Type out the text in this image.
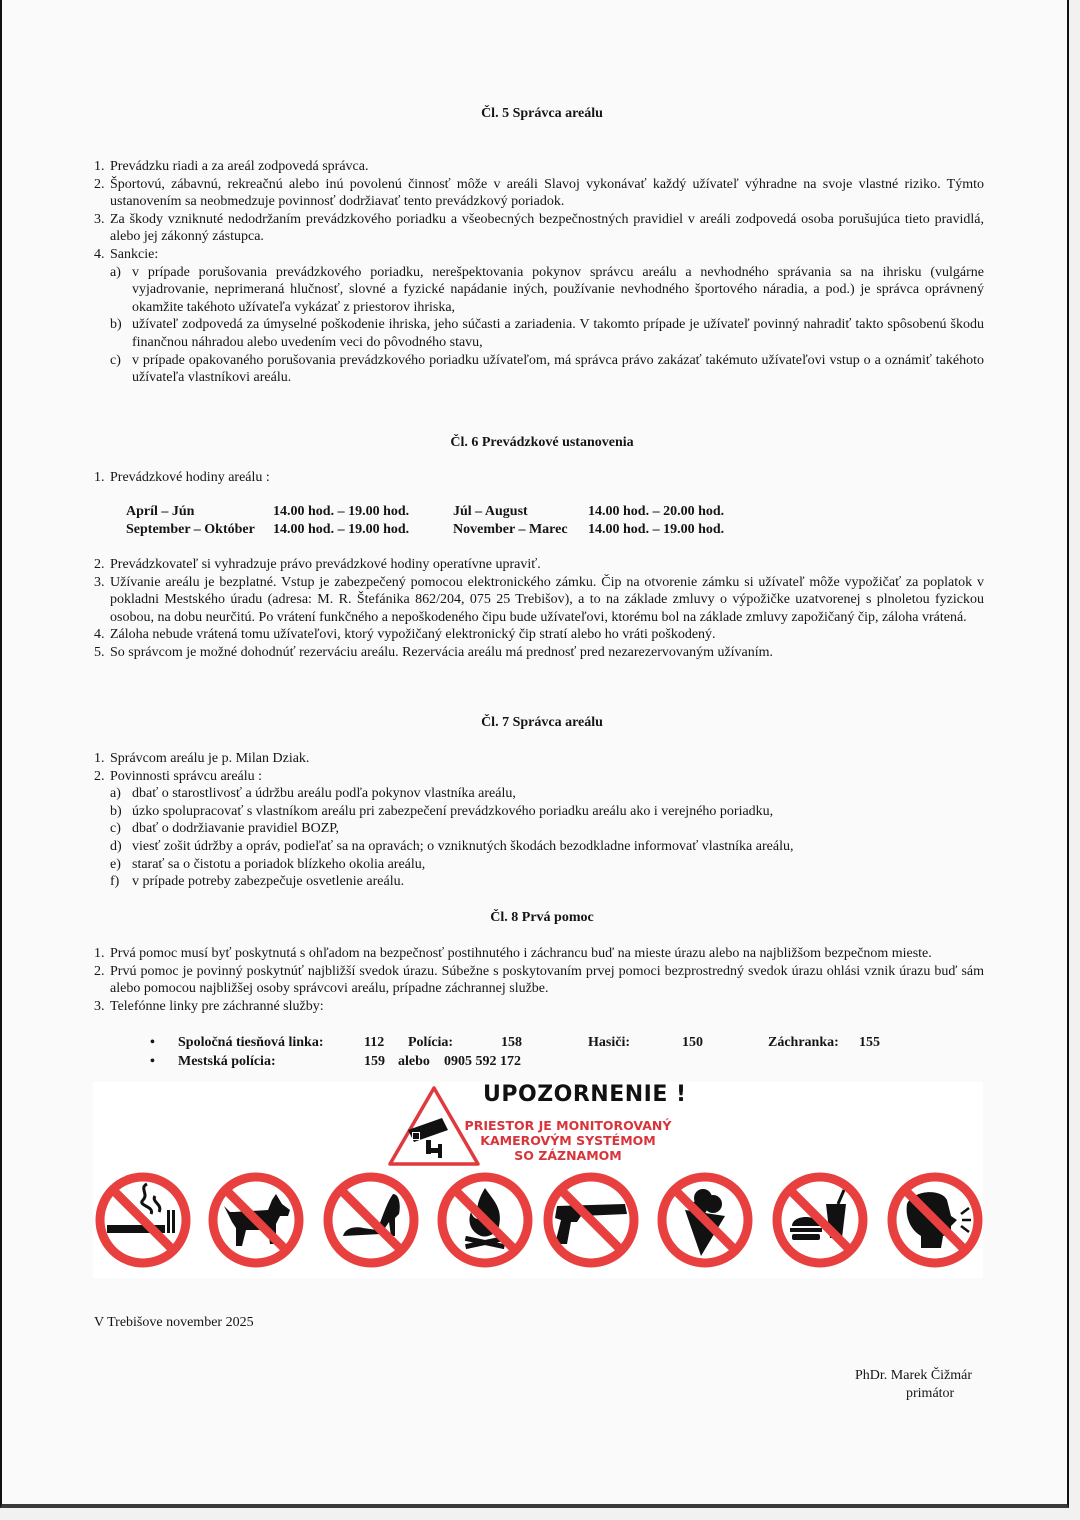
Čl. 5 Správca areálu
1. Prevádzku riadi a za areál zodpovedá správca.
2. Športovú, zábavnú, rekreačnú alebo inú povolenú činnosť môže v areáli Slavoj vykonávať každý užívateľ výhradne na svoje vlastné riziko. Týmto ustanovením sa neobmedzuje povinnosť dodržiavať tento prevádzkový poriadok.
3. Za škody vzniknuté nedodržaním prevádzkového poriadku a všeobecných bezpečnostných pravidiel v areáli zodpovedá osoba porušujúca tieto pravidlá, alebo jej zákonný zástupca.
4. Sankcie:
a) v prípade porušovania prevádzkového poriadku, nerešpektovania pokynov správcu areálu a nevhodného správania sa na ihrisku (vulgárne vyjadrovanie, neprimeraná hlučnosť, slovné a fyzické napádanie iných, používanie nevhodného športového náradia, a pod.) je správca oprávnený okamžite takéhoto užívateľa vykázať z priestorov ihriska,
b) užívateľ zodpovedá za úmyselné poškodenie ihriska, jeho súčasti a zariadenia. V takomto prípade je užívateľ povinný nahradiť takto spôsobenú škodu finančnou náhradou alebo uvedením veci do pôvodného stavu,
c) v prípade opakovaného porušovania prevádzkového poriadku užívateľom, má správca právo zakázať takémuto užívateľovi vstup o a oznámiť takéhoto užívateľa vlastníkovi areálu.
Čl. 6 Prevádzkové ustanovenia
1. Prevádzkové hodiny areálu :
Apríl – Jún	14.00 hod. – 19.00 hod.	Júl – August	14.00 hod. – 20.00 hod.
September – Október 14.00 hod. – 19.00 hod.	November – Marec 14.00 hod. – 19.00 hod.
2. Prevádzkovateľ si vyhradzuje právo prevádzkové hodiny operatívne upraviť.
3. Užívanie areálu je bezplatné. Vstup je zabezpečený pomocou elektronického zámku. Čip na otvorenie zámku si užívateľ môže vypožičať za poplatok v pokladni Mestského úradu (adresa: M. R. Štefánika 862/204, 075 25 Trebišov), a to na základe zmluvy o výpožičke uzatvorenej s plnoletou fyzickou osobou, na dobu neurčitú. Po vrátení funkčného a nepoškodeného čipu bude užívateľovi, ktorému bol na základe zmluvy zapožičaný čip, záloha vrátená.
4. Záloha nebude vrátená tomu užívateľovi, ktorý vypožičaný elektronický čip stratí alebo ho vráti poškodený.
5. So správcom je možné dohodnúť rezerváciu areálu. Rezervácia areálu má prednosť pred nezarezervovaným užívaním.
Čl. 7 Správca areálu
1. Správcom areálu je p. Milan Dziak.
2. Povinnosti správcu areálu :
a) dbať o starostlivosť a údržbu areálu podľa pokynov vlastníka areálu,
b) úzko spolupracovať s vlastníkom areálu pri zabezpečení prevádzkového poriadku areálu ako i verejného poriadku,
c) dbať o dodržiavanie pravidiel BOZP,
d) viesť zošit údržby a opráv, podieľať sa na opravách; o vzniknutých škodách bezodkladne informovať vlastníka areálu,
e) starať sa o čistotu a poriadok blízkeho okolia areálu,
f) v prípade potreby zabezpečuje osvetlenie areálu.
Čl. 8 Prvá pomoc
1. Prvá pomoc musí byť poskytnutá s ohľadom na bezpečnosť postihnutého i záchrancu buď na mieste úrazu alebo na najbližšom bezpečnom mieste.
2. Prvú pomoc je povinný poskytnúť najbližší svedok úrazu. Súbežne s poskytovaním prvej pomoci bezprostredný svedok úrazu ohlási vznik úrazu buď sám alebo pomocou najbližšej osoby správcovi areálu, prípadne záchrannej službe.
3. Telefónne linky pre záchranné služby:
• Spoločná tiesňová linka:	112 Polícia:	158	Hasiči:	150	Záchranka: 155
• Mestská polícia:	159 alebo 0905 592 172
UPOZORNENIE !
PRIESTOR JE MONITOROVANÝ
KAMEROVÝM SYSTÉMOM
SO ZÁZNAMOM
V Trebišove november 2025
PhDr. Marek Čižmár
primátor
